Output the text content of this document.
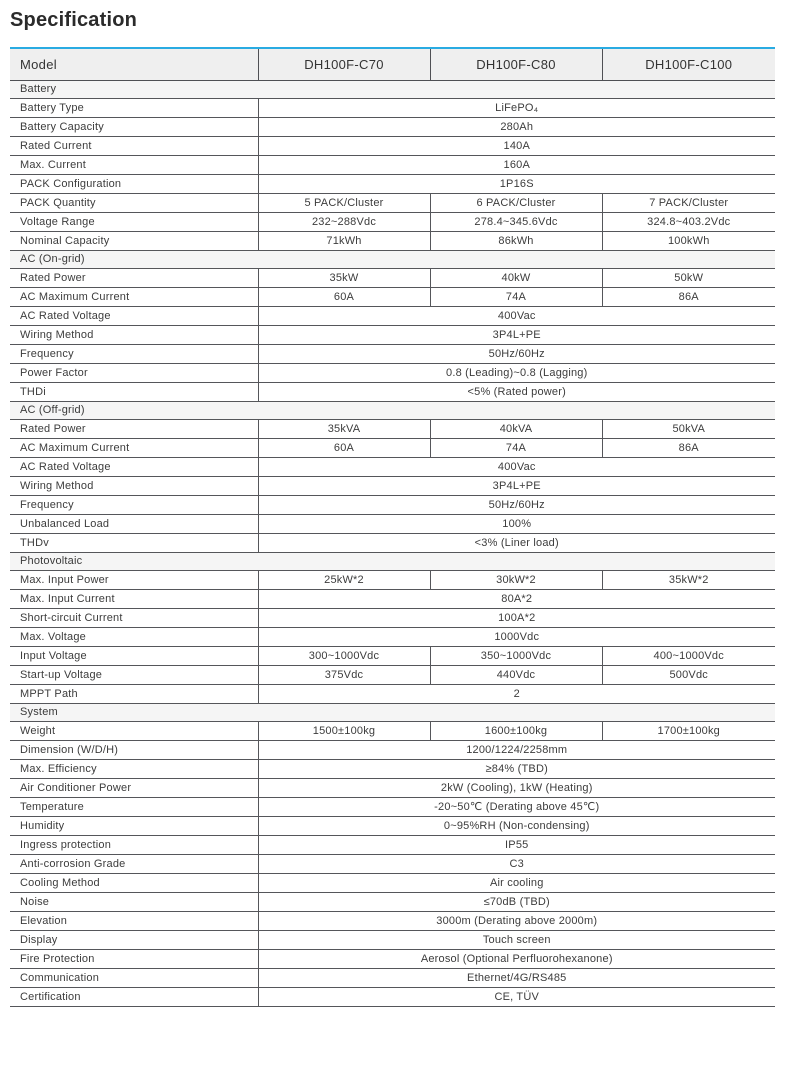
Specification
Model	DH100F-C70	DH100F-C80	DH100F-C100
Battery			
Battery Type	LiFePO₄		
Battery Capacity	280Ah		
Rated Current	140A		
Max. Current	160A		
PACK Configuration	1P16S		
PACK Quantity	5 PACK/Cluster	6 PACK/Cluster	7 PACK/Cluster
Voltage Range	232~288Vdc	278.4~345.6Vdc	324.8~403.2Vdc
Nominal Capacity	71kWh	86kWh	100kWh
AC (On-grid)			
Rated Power	35kW	40kW	50kW
AC Maximum Current	60A	74A	86A
AC Rated Voltage	400Vac		
Wiring Method	3P4L+PE		
Frequency	50Hz/60Hz		
Power Factor	0.8 (Leading)~0.8 (Lagging)		
THDi	<5% (Rated power)		
AC (Off-grid)			
Rated Power	35kVA	40kVA	50kVA
AC Maximum Current	60A	74A	86A
AC Rated Voltage	400Vac		
Wiring Method	3P4L+PE		
Frequency	50Hz/60Hz		
Unbalanced Load	100%		
THDv	<3% (Liner load)		
Photovoltaic			
Max. Input Power	25kW*2	30kW*2	35kW*2
Max. Input Current	80A*2		
Short-circuit Current	100A*2		
Max. Voltage	1000Vdc		
Input Voltage	300~1000Vdc	350~1000Vdc	400~1000Vdc
Start-up Voltage	375Vdc	440Vdc	500Vdc
MPPT Path	2		
System			
Weight	1500±100kg	1600±100kg	1700±100kg
Dimension (W/D/H)	1200/1224/2258mm		
Max. Efficiency	≥84% (TBD)		
Air Conditioner Power	2kW (Cooling), 1kW (Heating)		
Temperature	-20~50℃ (Derating above 45℃)		
Humidity	0~95%RH (Non-condensing)		
Ingress protection	IP55		
Anti-corrosion Grade	C3		
Cooling Method	Air cooling		
Noise	≤70dB (TBD)		
Elevation	3000m (Derating above 2000m)		
Display	Touch screen		
Fire Protection	Aerosol (Optional Perfluorohexanone)		
Communication	Ethernet/4G/RS485		
Certification	CE, TÜV		
